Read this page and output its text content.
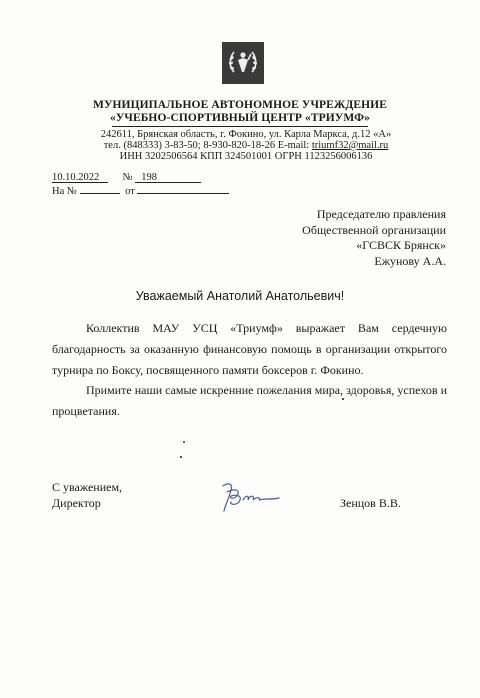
МУНИЦИПАЛЬНОЕ АВТОНОМНОЕ УЧРЕЖДЕНИЕ
«УЧЕБНО-СПОРТИВНЫЙ ЦЕНТР «ТРИУМФ»
242611, Брянская область, г. Фокино, ул. Карла Маркса, д.12 «А»
тел. (848333) 3-83-50; 8-930-820-18-26 E-mail: triumf32@mail.ru
ИНН 3202506564 КПП 324501001 ОГРН 1123256006136
10.10.2022 № 198
На №	от
Председателю правления
Общественной организации
«ГСВСК Брянск»
Ежунову А.А.
Уважаемый Анатолий Анатольевич!
Коллектив МАУ УСЦ «Триумф» выражает Вам сердечную благодарность за оказанную финансовую помощь в организации открытого турнира по Боксу, посвященного памяти боксеров г. Фокино.
Примите наши самые искренние пожелания мира, здоровья, успехов и процветания.
С уважением,
Директор	Зенцов В.В.
